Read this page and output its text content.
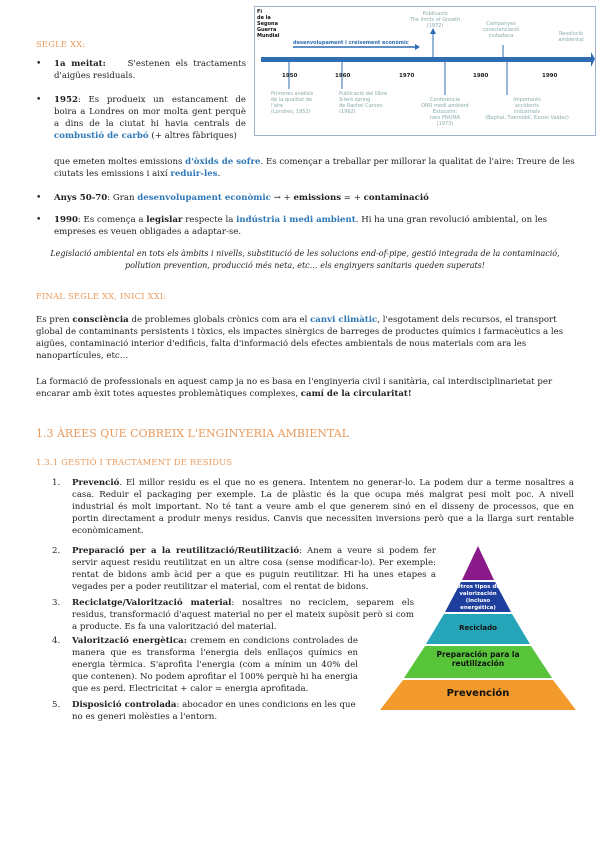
Fi
de la
Segona
Guerra
Mundial
desenvolupament i creixement econòmic
1950	1960	1970	1980	1990
Publicació
The limits of Growth
(1972)	Campanyes
conscienciació
ciutadana	Revolució
ambiental
Primeres anàlisis
de la qualitat de
l'aire
(Londres, 1952)
Publicació del llibre
Silent spring
de Rachel Carson
(1962)
Conferència
ONU medi ambient
Estocolm:
neix PNUMA
(1973)
Importants
accidents
industrials
(Bophal, Txernòbil, Exxon Valdez)
SEGLE XX:
• 1a meitat:	S'estenen els tractaments d'aigües residuals.

• 1952: Es produeix un estancament de boira a Londres on mor molta gent perquè a dins de la ciutat hi havia centrals de combustió de carbó (+ altres fàbriques)

que emeten moltes emissions d'òxids de sofre. Es començar a treballar per millorar la qualitat de l'aire: Treure de les ciutats les emissions i així reduir-les.

• Anys 50-70: Gran desenvolupament econòmic → + emissions = + contaminació

• 1990: Es comença a legislar respecte la indústria i medi ambient. Hi ha una gran revolució ambiental, on les empreses es veuen obligades a adaptar-se.

Legislació ambiental en tots els àmbits i nivells, substitució de les solucions end-of-pipe, gestió integrada de la contaminació, pollution prevention, producció més neta, etc… els enginyers sanitaris queden superats!

FINAL SEGLE XX, INICI XXI:

Es pren consciència de problemes globals crònics com ara el canvi climàtic, l'esgotament dels recursos, el transport global de contaminants persistents i tòxics, els impactes sinèrgics de barreges de productes químics i farmacèutics a les aigües, contaminació interior d'edificis, falta d'informació dels efectes ambientals de nous materials com ara les nanopartícules, etc…

La formació de professionals en aquest camp ja no es basa en l'enginyeria civil i sanitària, cal interdisciplinarietat per
encarar amb èxit totes aquestes problemàtiques complexes, camí de la circularitat!

1.3 ÀREES QUE COBREIX L'ENGINYERIA AMBIENTAL
1.3.1 GESTIÓ I TRACTAMENT DE RESIDUS
1. Prevenció. El millor residu es el que no es genera. Intentem no generar-lo. La podem dur a terme nosaltres a casa. Reduir el packaging per exemple. La de plàstic és la que ocupa més malgrat pesi molt poc. A nivell industrial és molt important. No té tant a veure amb el que generem sinó en el disseny de processos, que en portin directament a produir menys residus. Canvis que necessiten inversions però que a la llarga surt rentable econòmicament.

2. Preparació per a la reutilització/Reutilització: Anem a veure si podem fer servir aquest residu reutilitzat en un altre cosa (sense modificar-lo). Per exemple: rentat de bidons amb àcid per a que es puguin reutilitzar. Hi ha unes etapes a vegades per a poder reutilitzar el material, com el rentat de bidons.

3. Reciclatge/Valorització material: nosaltres no reciclem, separem els residus, transformació d'aquest material no per el mateix supòsit però si com a producte. Es fa una valorització del material.

4. Valorització energètica: cremem en condicions controlades de manera que es transforma l'energia dels enllaços químics en energia tèrmica. S'aprofita l'energia (com a mínim un 40% del que contenen). No podem aprofitar el 100% perquè hi ha energia que es perd. Electricitat + calor = energia aprofitada.

5. Disposició controlada: abocador en unes condicions en les que no es generi molèsties a l'entorn.

Otros tipos de valorización
(incluso energética)
Reciclado
Preparación para la
reutilización
Prevención
